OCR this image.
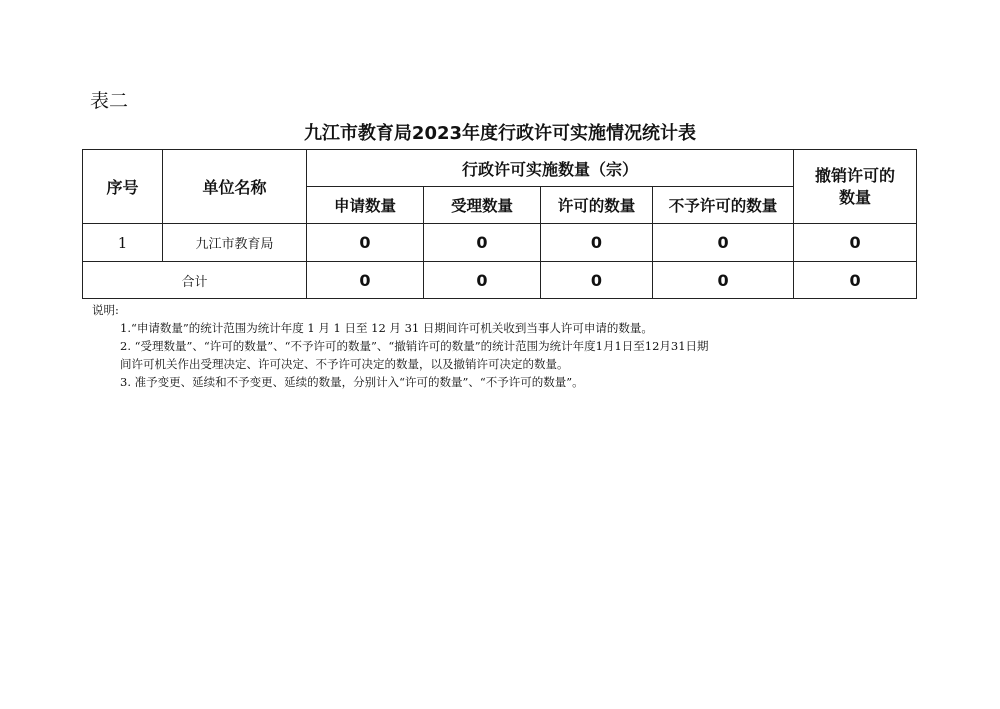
表二
九江市教育局2023年度行政许可实施情况统计表
序号	单位名称	行政许可实施数量（宗）				撤销许可的数量
		申请数量	受理数量	许可的数量	不予许可的数量	
1	九江市教育局	0	0	0	0	0
合计		0	0	0	0	0
说明:
1.“申请数量”的统计范围为统计年度 1 月 1 日至 12 月 31 日期间许可机关收到当事人许可申请的数量。
2. “受理数量”、“许可的数量”、“不予许可的数量”、“撤销许可的数量”的统计范围为统计年度1月1日至12月31日期
间许可机关作出受理决定、许可决定、不予许可决定的数量，以及撤销许可决定的数量。
3. 准予变更、延续和不予变更、延续的数量，分别计入“许可的数量”、“不予许可的数量”。
